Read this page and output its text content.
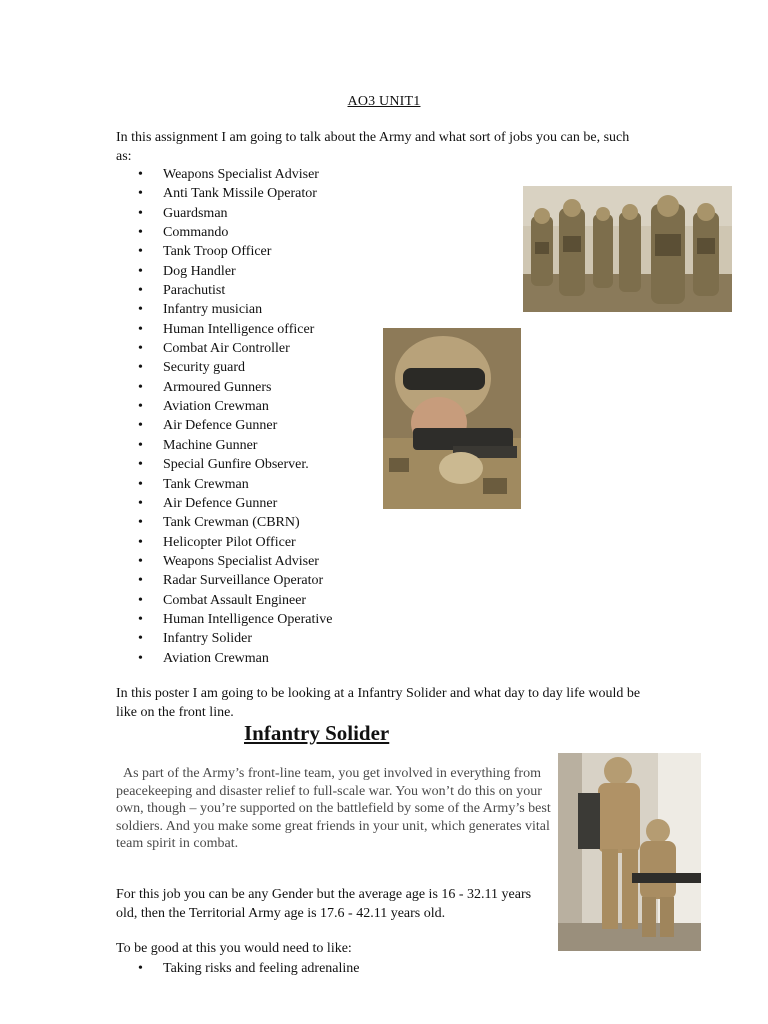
AO3 UNIT1
In this assignment I am going to talk about the Army and what sort of jobs you can be, such as:
• Weapons Specialist Adviser
• Anti Tank Missile Operator
• Guardsman
• Commando
• Tank Troop Officer
• Dog Handler
• Parachutist
• Infantry musician
• Human Intelligence officer
• Combat Air Controller
• Security guard
• Armoured Gunners
• Aviation Crewman
• Air Defence Gunner
• Machine Gunner
• Special Gunfire Observer.
• Tank Crewman
• Air Defence Gunner
• Tank Crewman (CBRN)
• Helicopter Pilot Officer
• Weapons Specialist Adviser
• Radar Surveillance Operator
• Combat Assault Engineer
• Human Intelligence Operative
• Infantry Solider
• Aviation Crewman
In this poster I am going to be looking at a Infantry Solider and what day to day life would be like on the front line.
Infantry Solider
As part of the Army’s front-line team, you get involved in everything from peacekeeping and disaster relief to full-scale war. You won’t do this on your own, though – you’re supported on the battlefield by some of the Army’s best soldiers. And you make some great friends in your unit, which generates vital team spirit in combat.
For this job you can be any Gender but the average age is 16 - 32.11 years old, then the Territorial Army age is 17.6 - 42.11 years old.
To be good at this you would need to like:
• Taking risks and feeling adrenaline
